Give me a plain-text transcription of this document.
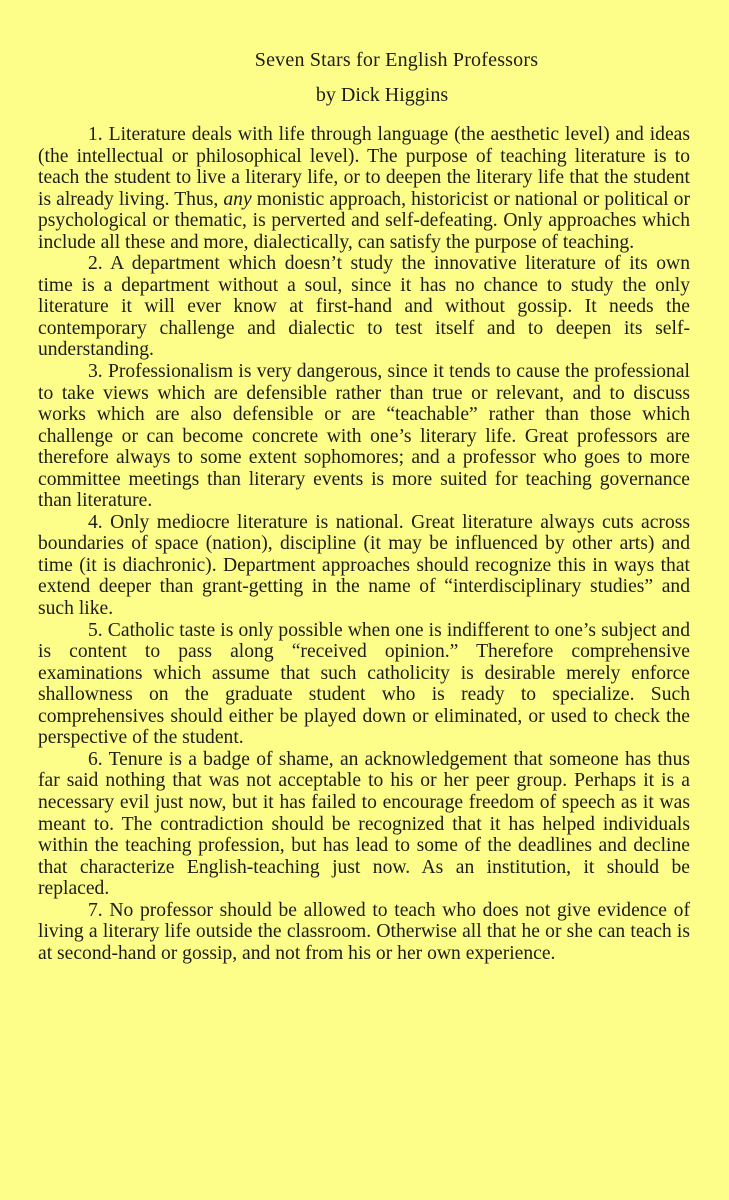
Seven Stars for English Professors
by Dick Higgins

1. Literature deals with life through language (the aesthetic level) and ideas (the intellectual or philosophical level). The purpose of teaching literature is to teach the student to live a literary life, or to deepen the literary life that the student is already living. Thus, any monistic approach, historicist or national or political or psychological or thematic, is perverted and self-defeating. Only approaches which include all these and more, dialectically, can satisfy the purpose of teaching.

2. A department which doesn’t study the innovative literature of its own time is a department without a soul, since it has no chance to study the only literature it will ever know at first-hand and without gossip. It needs the contemporary challenge and dialectic to test itself and to deepen its self-understanding.

3. Professionalism is very dangerous, since it tends to cause the professional to take views which are defensible rather than true or relevant, and to discuss works which are also defensible or are “teachable” rather than those which challenge or can become concrete with one’s literary life. Great professors are therefore always to some extent sophomores; and a professor who goes to more committee meetings than literary events is more suited for teaching governance than literature.

4. Only mediocre literature is national. Great literature always cuts across boundaries of space (nation), discipline (it may be influenced by other arts) and time (it is diachronic). Department approaches should recognize this in ways that extend deeper than grant-getting in the name of “interdisciplinary studies” and such like.

5. Catholic taste is only possible when one is indifferent to one’s subject and is content to pass along “received opinion.” Therefore comprehensive examinations which assume that such catholicity is desirable merely enforce shallowness on the graduate student who is ready to specialize. Such comprehensives should either be played down or eliminated, or used to check the perspective of the student.

6. Tenure is a badge of shame, an acknowledgement that someone has thus far said nothing that was not acceptable to his or her peer group. Perhaps it is a necessary evil just now, but it has failed to encourage freedom of speech as it was meant to. The contradiction should be recognized that it has helped individuals within the teaching profession, but has lead to some of the deadlines and decline that characterize English-teaching just now. As an institution, it should be replaced.

7. No professor should be allowed to teach who does not give evidence of living a literary life outside the classroom. Otherwise all that he or she can teach is at second-hand or gossip, and not from his or her own experience.
